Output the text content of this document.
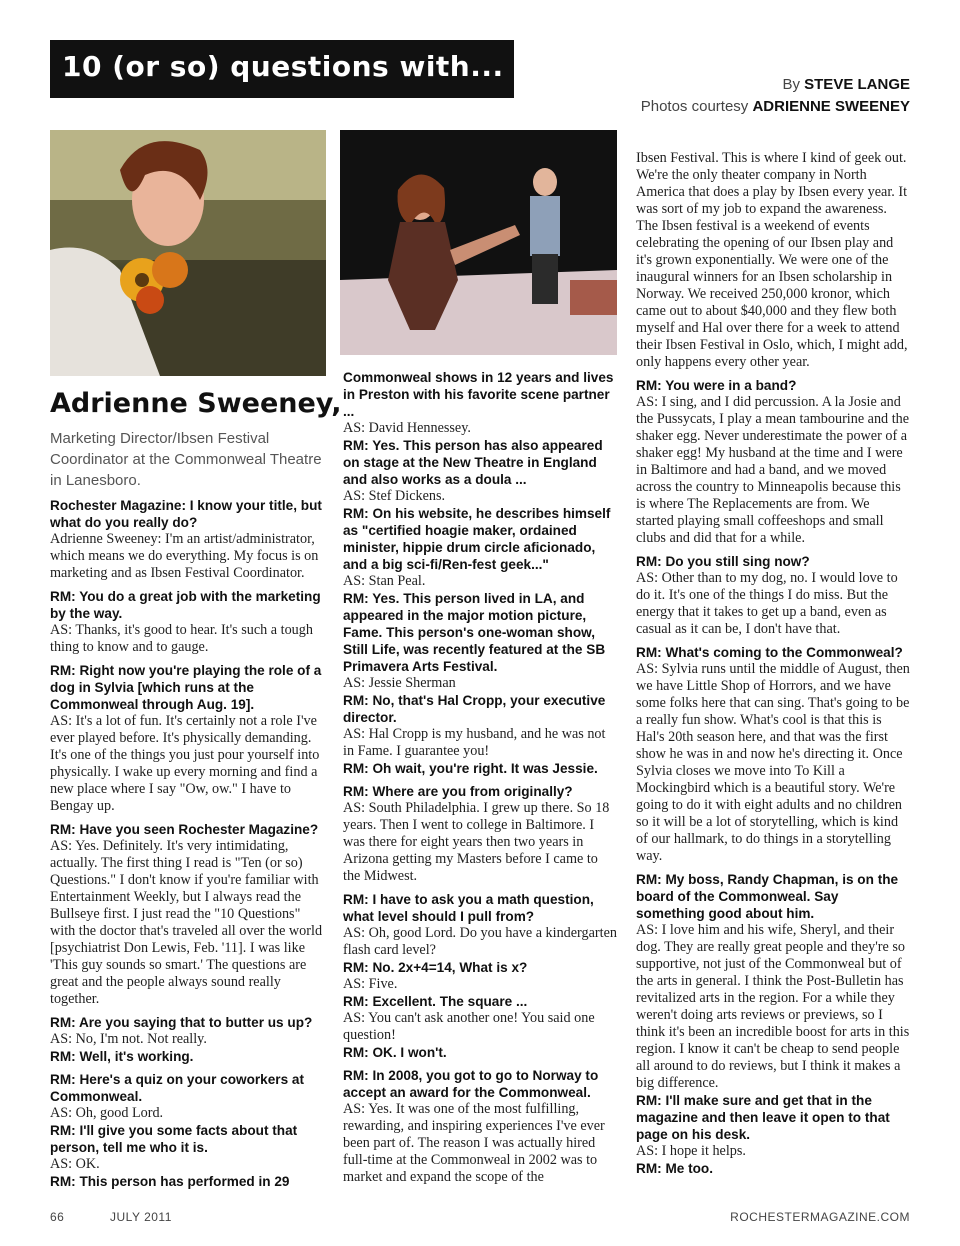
10 (or so) questions with...
By STEVE LANGE
Photos courtesy ADRIENNE SWEENEY
Adrienne Sweeney,
Marketing Director/Ibsen Festival Coordinator at the Commonweal Theatre in Lanesboro.
Rochester Magazine: I know your title, but what do you really do?
Adrienne Sweeney: I'm an artist/administrator, which means we do everything. My focus is on marketing and as Ibsen Festival Coordinator.
RM: You do a great job with the marketing by the way.
AS: Thanks, it's good to hear. It's such a tough thing to know and to gauge.
RM: Right now you're playing the role of a dog in Sylvia [which runs at the Commonweal through Aug. 19].
AS: It's a lot of fun. It's certainly not a role I've ever played before. It's physically demanding. It's one of the things you just pour yourself into physically. I wake up every morning and find a new place where I say "Ow, ow." I have to Bengay up.
RM: Have you seen Rochester Magazine?
AS: Yes. Definitely. It's very intimidating, actually. The first thing I read is "Ten (or so) Questions." I don't know if you're familiar with Entertainment Weekly, but I always read the Bullseye first. I just read the "10 Questions" with the doctor that's traveled all over the world [psychiatrist Don Lewis, Feb. '11]. I was like 'This guy sounds so smart.' The questions are great and the people always sound really together.
RM: Are you saying that to butter us up?
AS: No, I'm not. Not really.
RM: Well, it's working.
RM: Here's a quiz on your coworkers at Commonweal.
AS: Oh, good Lord.
RM: I'll give you some facts about that person, tell me who it is.
AS: OK.
RM: This person has performed in 29
Commonweal shows in 12 years and lives in Preston with his favorite scene partner ...
AS: David Hennessey.
RM: Yes. This person has also appeared on stage at the New Theatre in England and also works as a doula ...
AS: Stef Dickens.
RM: On his website, he describes himself as "certified hoagie maker, ordained minister, hippie drum circle aficionado, and a big sci-fi/Ren-fest geek..."
AS: Stan Peal.
RM: Yes. This person lived in LA, and appeared in the major motion picture, Fame. This person's one-woman show, Still Life, was recently featured at the SB Primavera Arts Festival.
AS: Jessie Sherman
RM: No, that's Hal Cropp, your executive director.
AS: Hal Cropp is my husband, and he was not in Fame. I guarantee you!
RM: Oh wait, you're right. It was Jessie.
RM: Where are you from originally?
AS: South Philadelphia. I grew up there. So 18 years. Then I went to college in Baltimore. I was there for eight years then two years in Arizona getting my Masters before I came to the Midwest.
RM: I have to ask you a math question, what level should I pull from?
AS: Oh, good Lord. Do you have a kindergarten flash card level?
RM: No. 2x+4=14, What is x?
AS: Five.
RM: Excellent. The square ...
AS: You can't ask another one! You said one question!
RM: OK. I won't.
RM: In 2008, you got to go to Norway to accept an award for the Commonweal.
AS: Yes. It was one of the most fulfilling, rewarding, and inspiring experiences I've ever been part of. The reason I was actually hired full-time at the Commonweal in 2002 was to market and expand the scope of the
Ibsen Festival. This is where I kind of geek out. We're the only theater company in North America that does a play by Ibsen every year. It was sort of my job to expand the awareness. The Ibsen festival is a weekend of events celebrating the opening of our Ibsen play and it's grown exponentially. We were one of the inaugural winners for an Ibsen scholarship in Norway. We received 250,000 kronor, which came out to about $40,000 and they flew both myself and Hal over there for a week to attend their Ibsen Festival in Oslo, which, I might add, only happens every other year.
RM: You were in a band?
AS: I sing, and I did percussion. A la Josie and the Pussycats, I play a mean tambourine and the shaker egg. Never underestimate the power of a shaker egg! My husband at the time and I were in Baltimore and had a band, and we moved across the country to Minneapolis because this is where The Replacements are from. We started playing small coffeeshops and small clubs and did that for a while.
RM: Do you still sing now?
AS: Other than to my dog, no. I would love to do it. It's one of the things I do miss. But the energy that it takes to get up a band, even as casual as it can be, I don't have that.
RM: What's coming to the Commonweal?
AS: Sylvia runs until the middle of August, then we have Little Shop of Horrors, and we have some folks here that can sing. That's going to be a really fun show. What's cool is that this is Hal's 20th season here, and that was the first show he was in and now he's directing it. Once Sylvia closes we move into To Kill a Mockingbird which is a beautiful story. We're going to do it with eight adults and no children so it will be a lot of storytelling, which is kind of our hallmark, to do things in a storytelling way.
RM: My boss, Randy Chapman, is on the board of the Commonweal. Say something good about him.
AS: I love him and his wife, Sheryl, and their dog. They are really great people and they're so supportive, not just of the Commonweal but of the arts in general. I think the Post-Bulletin has revitalized arts in the region. For a while they weren't doing arts reviews or previews, so I think it's been an incredible boost for arts in this region. I know it can't be cheap to send people all around to do reviews, but I think it makes a big difference.
RM: I'll make sure and get that in the magazine and then leave it open to that page on his desk.
AS: I hope it helps.
RM: Me too.
66	JULY 2011	ROCHESTERMAGAZINE.COM
